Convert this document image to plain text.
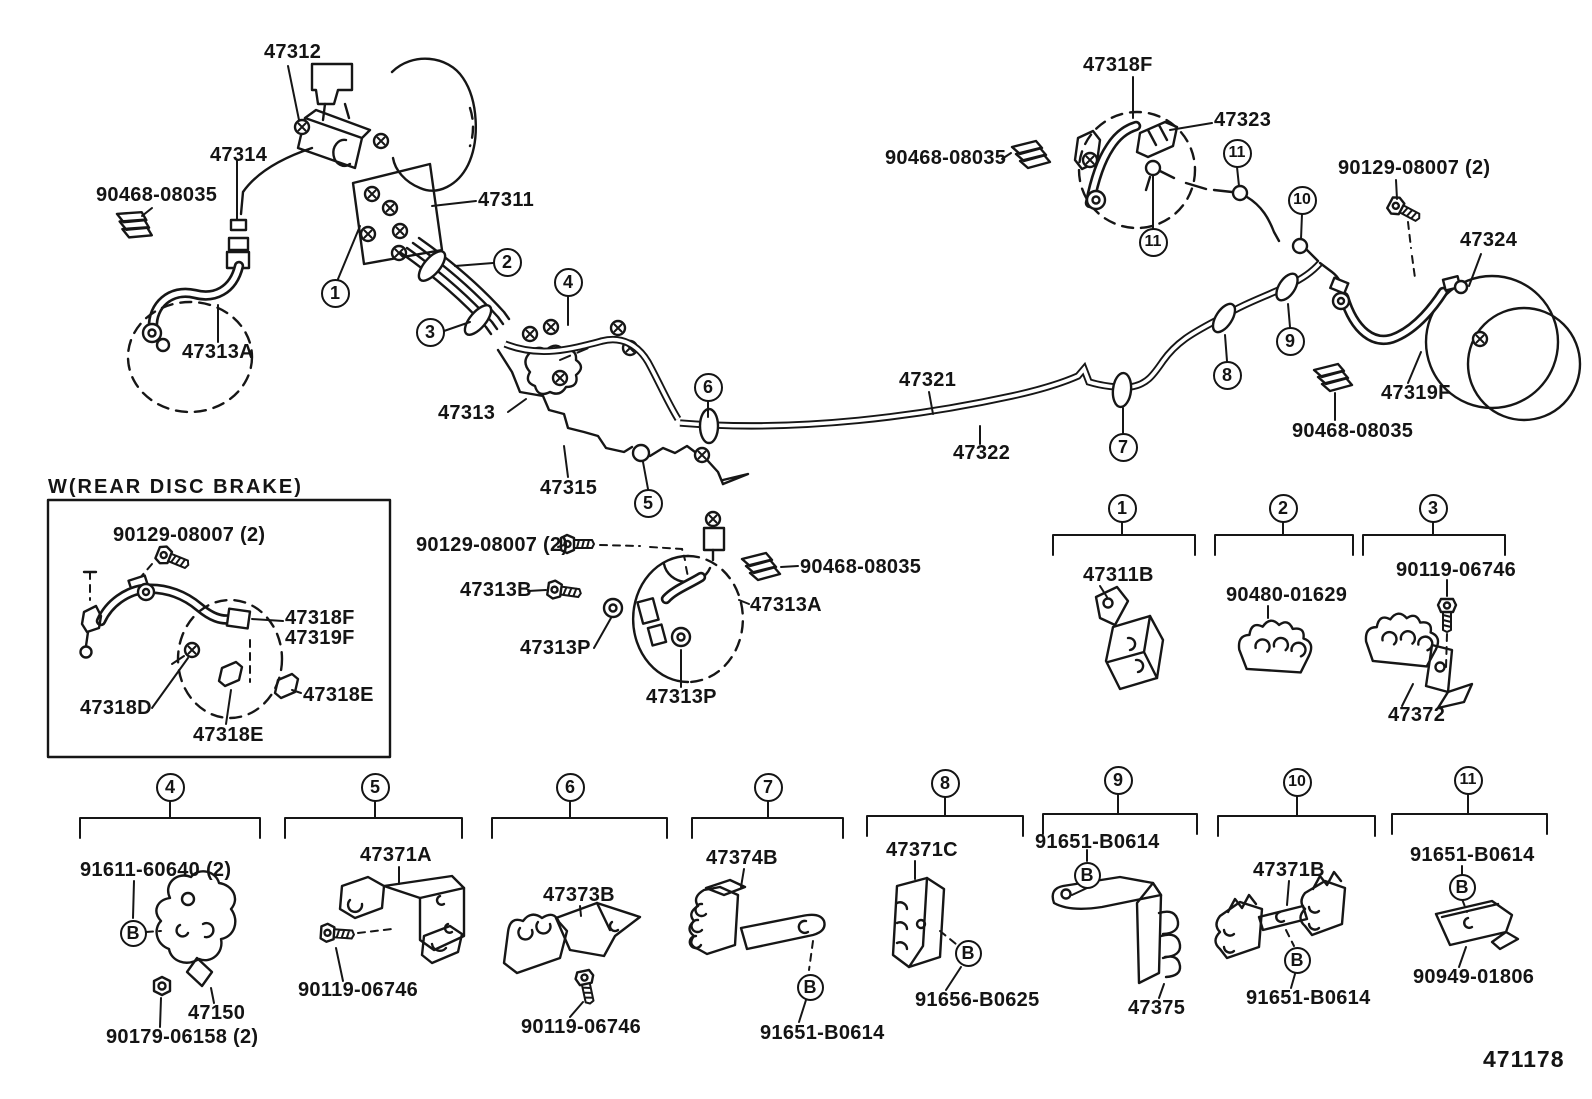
W(REAR DISC BRAKE)
471178
47312
47314
90468-08035	47311
47313A
47313
47315
47321
47322
47318F
47323
90468-08035	90129-08007 (2)
47324
47319F
90468-08035
90129-08007 (2)
47313B
47313P
47313A
90468-08035
47313P
90129-08007 (2)
47318F
47319F
47318D
47318E
47318E
47311B
90480-01629
90119-06746
47372
91611-60640 (2)
47150
90179-06158 (2)
47371A
90119-06746
47373B
90119-06746
47374B
91651-B0614
47371C
91656-B0625
91651-B0614
47375
47371B
91651-B0614
91651-B0614
90949-01806
1
2
3
4
5
6
7
8
9
10
11
11
1	2	3
4	5	6	7	8	9	10	11
B
B
B
B
B
B
